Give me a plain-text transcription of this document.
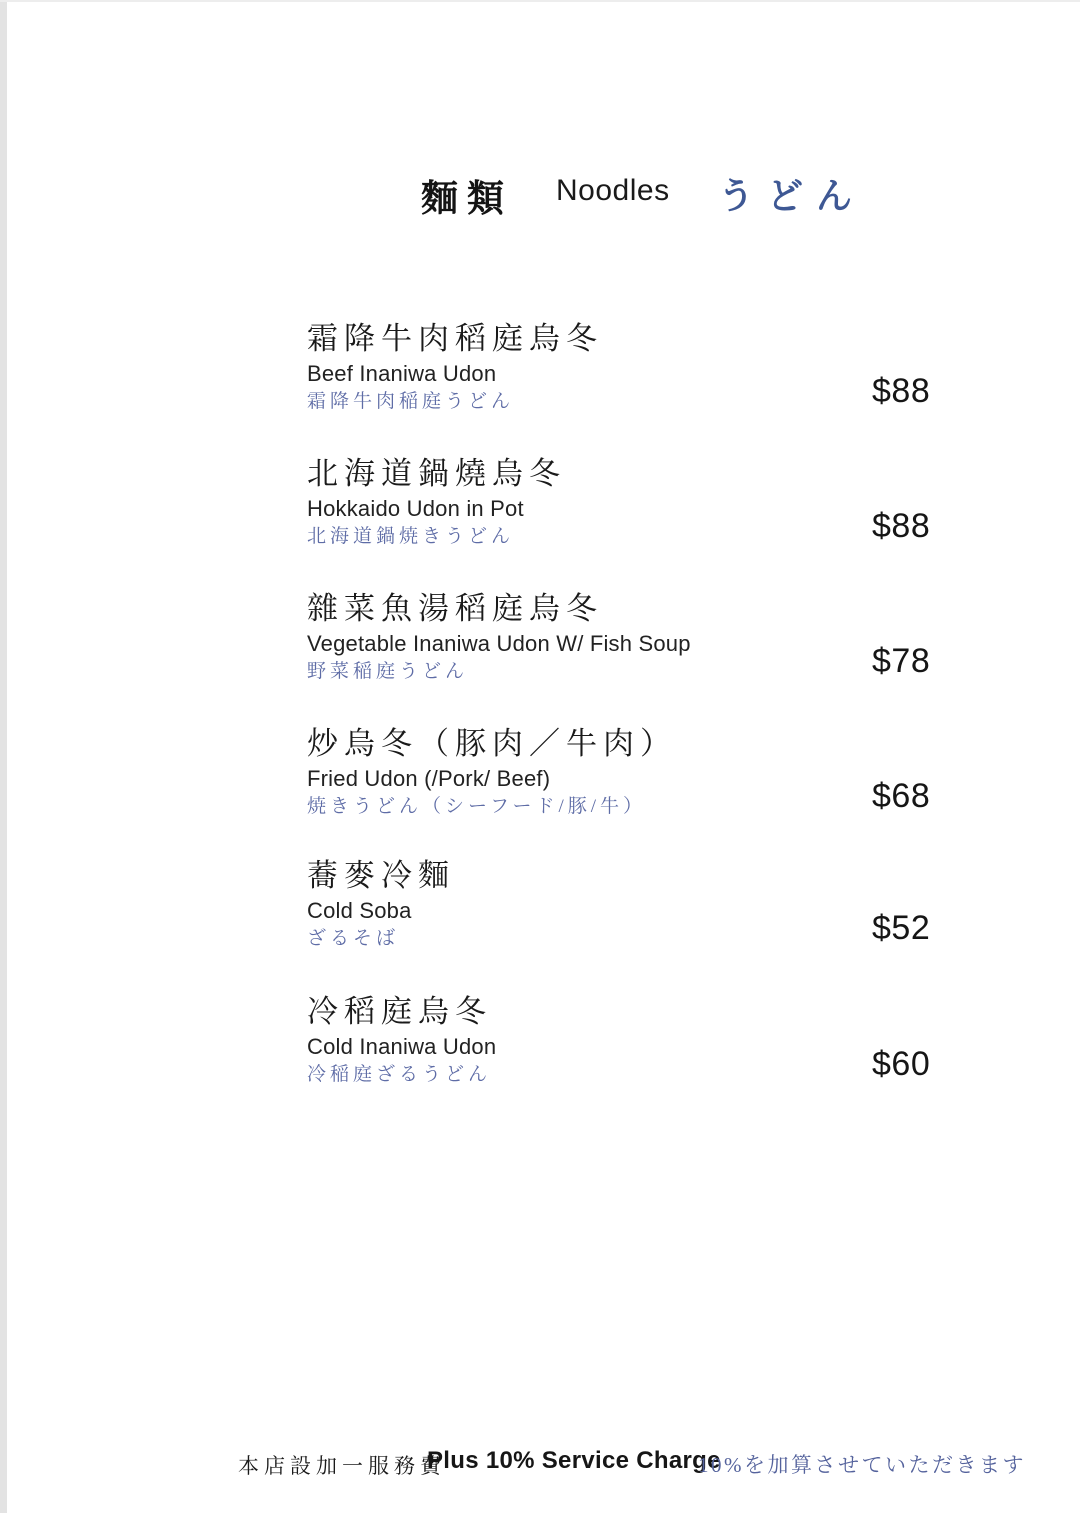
麵類 Noodles うどん
霜降牛肉稻庭烏冬
Beef Inaniwa Udon
霜降牛肉稲庭うどん	$88
北海道鍋燒烏冬
Hokkaido Udon in Pot
北海道鍋焼きうどん	$88
雜菜魚湯稻庭烏冬
Vegetable Inaniwa Udon W/ Fish Soup
野菜稲庭うどん	$78
炒烏冬（豚肉／牛肉）
Fried Udon (/Pork/ Beef)
焼きうどん（シーフード/豚/牛）	$68
蕎麥冷麵
Cold Soba
ざるそば	$52
冷稻庭烏冬
Cold Inaniwa Udon
冷稲庭ざるうどん	$60
本店設加一服務費
Plus 10% Service Charge
10%を加算させていただきます
